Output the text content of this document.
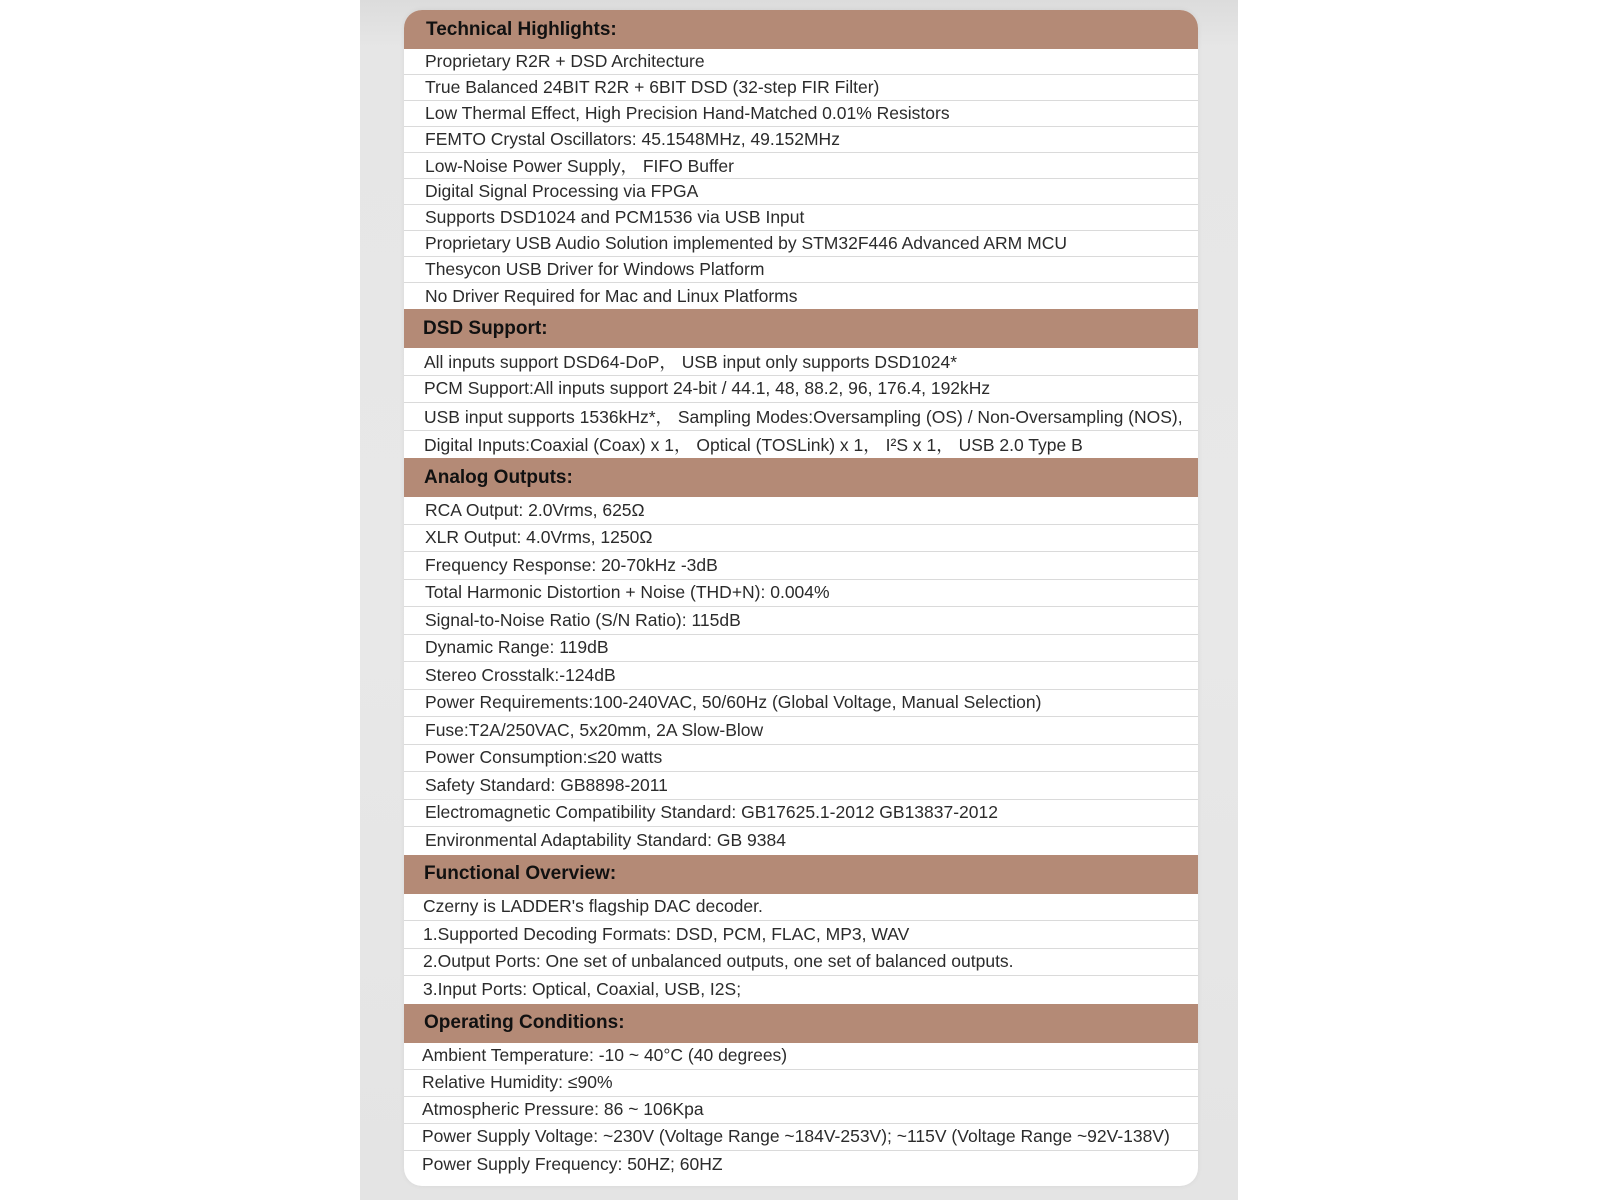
Technical Highlights:
Proprietary R2R + DSD Architecture
True Balanced 24BIT R2R + 6BIT DSD (32-step FIR Filter)
Low Thermal Effect, High Precision Hand-Matched 0.01% Resistors
FEMTO Crystal Oscillators: 45.1548MHz, 49.152MHz
Low-Noise Power Supply， FIFO Buffer
Digital Signal Processing via FPGA
Supports DSD1024 and PCM1536 via USB Input
Proprietary USB Audio Solution implemented by STM32F446 Advanced ARM MCU
Thesycon USB Driver for Windows Platform
No Driver Required for Mac and Linux Platforms
DSD Support:
All inputs support DSD64-DoP， USB input only supports DSD1024*
PCM Support:All inputs support 24-bit / 44.1, 48, 88.2, 96, 176.4, 192kHz
USB input supports 1536kHz*， Sampling Modes:Oversampling (OS) / Non-Oversampling (NOS),
Digital Inputs:Coaxial (Coax) x 1， Optical (TOSLink) x 1， I²S x 1， USB 2.0 Type B
Analog Outputs:
RCA Output: 2.0Vrms, 625Ω
XLR Output: 4.0Vrms, 1250Ω
Frequency Response: 20-70kHz -3dB
Total Harmonic Distortion + Noise (THD+N): 0.004%
Signal-to-Noise Ratio (S/N Ratio): 115dB
Dynamic Range: 119dB
Stereo Crosstalk:-124dB
Power Requirements:100-240VAC, 50/60Hz (Global Voltage, Manual Selection)
Fuse:T2A/250VAC, 5x20mm, 2A Slow-Blow
Power Consumption:≤20 watts
Safety Standard: GB8898-2011
Electromagnetic Compatibility Standard: GB17625.1-2012 GB13837-2012
Environmental Adaptability Standard: GB 9384
Functional Overview:
Czerny is LADDER's flagship DAC decoder.
1.Supported Decoding Formats: DSD, PCM, FLAC, MP3, WAV
2.Output Ports: One set of unbalanced outputs, one set of balanced outputs.
3.Input Ports: Optical, Coaxial, USB, I2S;
Operating Conditions:
Ambient Temperature: -10 ~ 40°C (40 degrees)
Relative Humidity: ≤90%
Atmospheric Pressure: 86 ~ 106Kpa
Power Supply Voltage: ~230V (Voltage Range ~184V-253V); ~115V (Voltage Range ~92V-138V)
Power Supply Frequency: 50HZ; 60HZ
